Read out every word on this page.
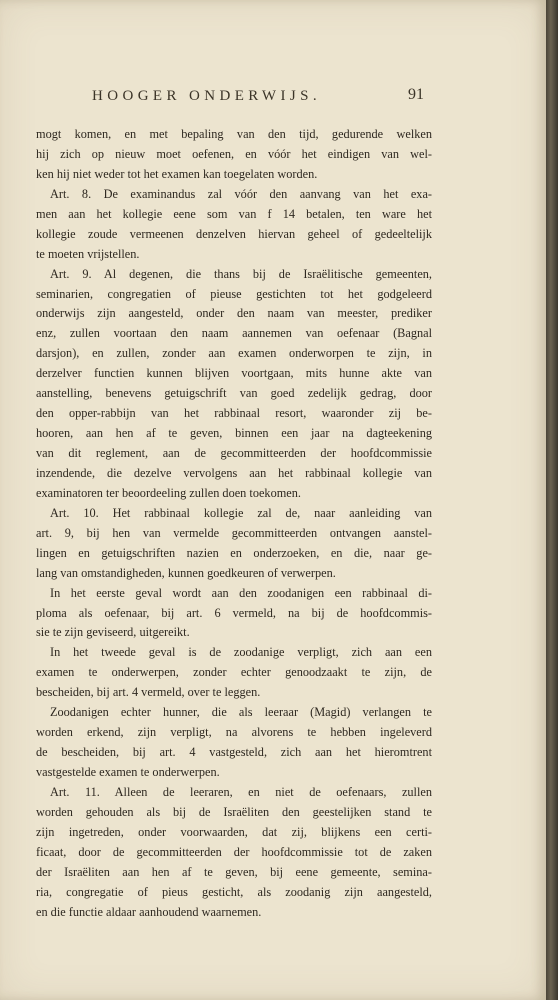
HOOGER ONDERWIJS.	91
mogt komen, en met bepaling van den tijd, gedurende welken
hij zich op nieuw moet oefenen, en vóór het eindigen van wel-
ken hij niet weder tot het examen kan toegelaten worden.
Art. 8. De examinandus zal vóór den aanvang van het exa-
men aan het kollegie eene som van f 14 betalen, ten ware het
kollegie zoude vermeenen denzelven hiervan geheel of gedeeltelijk
te moeten vrijstellen.
Art. 9. Al degenen, die thans bij de Israëlitische gemeenten,
seminarien, congregatien of pieuse gestichten tot het godgeleerd
onderwijs zijn aangesteld, onder den naam van meester, prediker
enz, zullen voortaan den naam aannemen van oefenaar (Bagnal
darsjon), en zullen, zonder aan examen onderworpen te zijn, in
derzelver functien kunnen blijven voortgaan, mits hunne akte van
aanstelling, benevens getuigschrift van goed zedelijk gedrag, door
den opper-rabbijn van het rabbinaal resort, waaronder zij be-
hooren, aan hen af te geven, binnen een jaar na dagteekening
van dit reglement, aan de gecommitteerden der hoofdcommissie
inzendende, die dezelve vervolgens aan het rabbinaal kollegie van
examinatoren ter beoordeeling zullen doen toekomen.
Art. 10. Het rabbinaal kollegie zal de, naar aanleiding van
art. 9, bij hen van vermelde gecommitteerden ontvangen aanstel-
lingen en getuigschriften nazien en onderzoeken, en die, naar ge-
lang van omstandigheden, kunnen goedkeuren of verwerpen.
In het eerste geval wordt aan den zoodanigen een rabbinaal di-
ploma als oefenaar, bij art. 6 vermeld, na bij de hoofdcommis-
sie te zijn geviseerd, uitgereikt.
In het tweede geval is de zoodanige verpligt, zich aan een
examen te onderwerpen, zonder echter genoodzaakt te zijn, de
bescheiden, bij art. 4 vermeld, over te leggen.
Zoodanigen echter hunner, die als leeraar (Magid) verlangen te
worden erkend, zijn verpligt, na alvorens te hebben ingeleverd
de bescheiden, bij art. 4 vastgesteld, zich aan het hieromtrent
vastgestelde examen te onderwerpen.
Art. 11. Alleen de leeraren, en niet de oefenaars, zullen
worden gehouden als bij de Israëliten den geestelijken stand te
zijn ingetreden, onder voorwaarden, dat zij, blijkens een certi-
ficaat, door de gecommitteerden der hoofdcommissie tot de zaken
der Israëliten aan hen af te geven, bij eene gemeente, semina-
ria, congregatie of pieus gesticht, als zoodanig zijn aangesteld,
en die functie aldaar aanhoudend waarnemen.
